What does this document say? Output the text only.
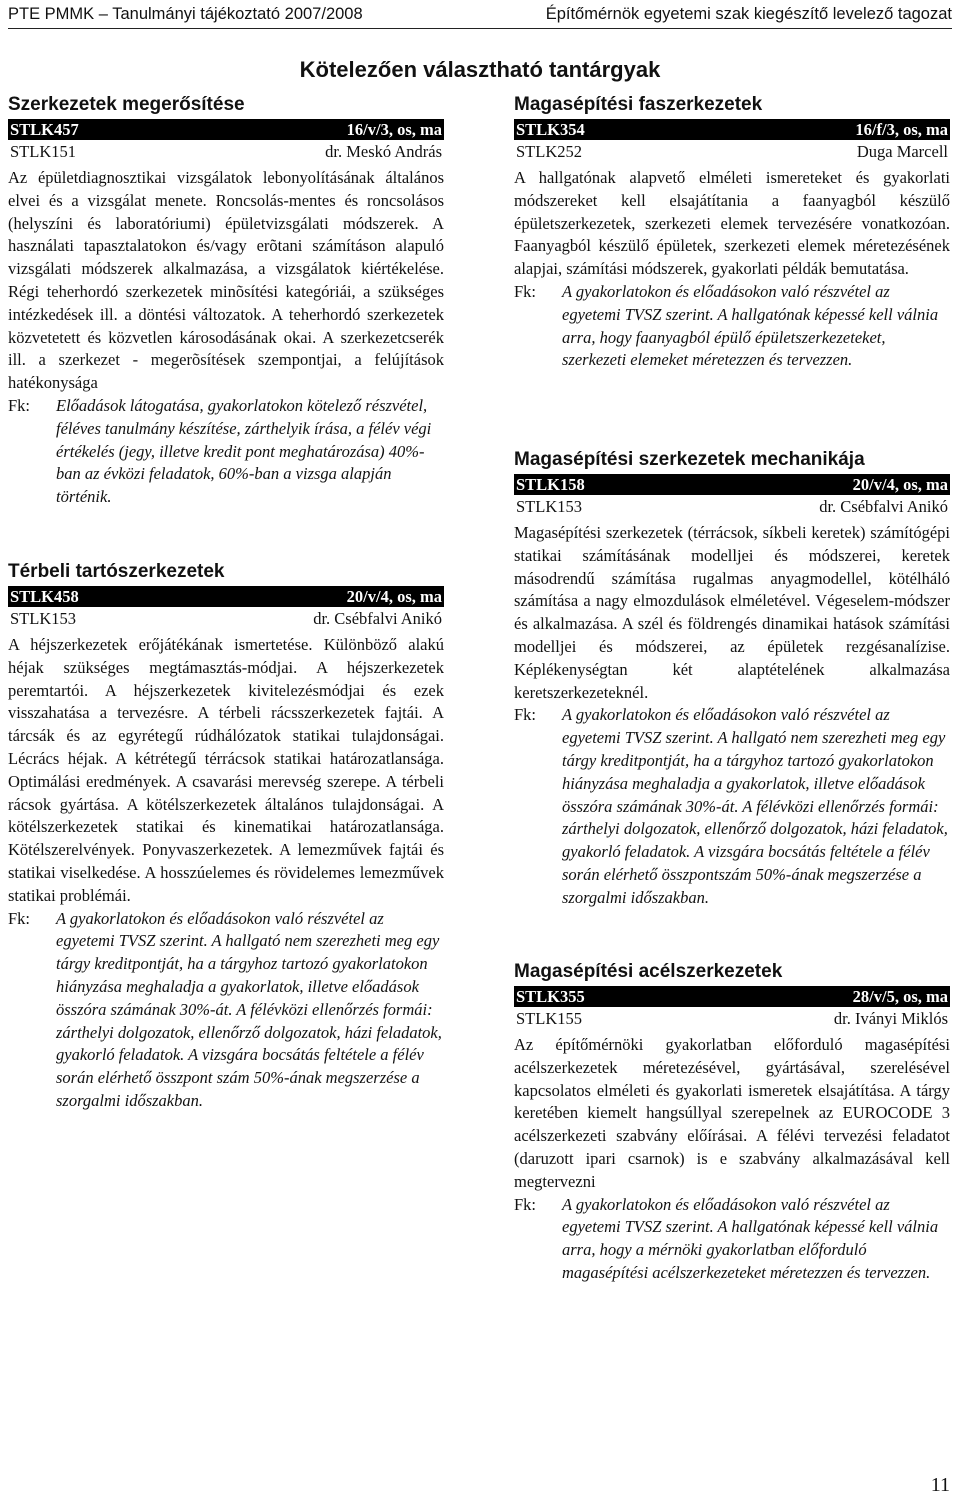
PTE PMMK – Tanulmányi tájékoztató 2007/2008	Építőmérnök egyetemi szak kiegészítő levelező tagozat
Kötelezően választható tantárgyak
Szerkezetek megerősítése
STLK457	16/v/3, os, ma
STLK151	dr. Meskó András
Az épületdiagnosztikai vizsgálatok lebonyolításának általános elvei és a vizsgálat menete. Roncsolás-mentes és roncsolásos (helyszíni és laboratóriumi) épületvizsgálati módszerek. A használati tapasztalatokon és/vagy erõtani számításon alapuló vizsgálati módszerek alkalmazása, a vizsgálatok kiértékelése. Régi teherhordó szerkezetek minõsítési kategóriái, a szükséges intézkedések ill. a döntési változatok. A teherhordó szerkezetek közvetetett és közvetlen károsodásának okai. A szerkezetcserék ill. a szerkezet - megerõsítések szempontjai, a felújítások hatékonysága
Fk:	Előadások látogatása, gyakorlatokon kötelező részvétel, féléves tanulmány készítése, zárthelyik írása, a félév végi értékelés (jegy, illetve kredit pont meghatározása) 40%-ban az évközi feladatok, 60%-ban a vizsga alapján történik.
Térbeli tartószerkezetek
STLK458	20/v/4, os, ma
STLK153	dr. Csébfalvi Anikó
A héjszerkezetek erőjátékának ismertetése. Különböző alakú héjak szükséges megtámasztás-módjai. A héjszerkezetek peremtartói. A héjszerkezetek kivitelezésmódjai és ezek visszahatása a tervezésre. A térbeli rácsszerkezetek fajtái. A tárcsák és az egyrétegű rúdhálózatok statikai tulajdonságai. Lécrács héjak. A kétrétegű térrácsok statikai határozatlansága. Optimálási eredmények. A csavarási merevség szerepe. A térbeli rácsok gyártása. A kötélszerkezetek általános tulajdonságai. A kötélszerkezetek statikai és kinematikai határozatlansága. Kötélszerelvények. Ponyvaszerkezetek. A lemezművek fajtái és statikai viselkedése. A hosszúelemes és rövidelemes lemezművek statikai problémái.
Fk:	A gyakorlatokon és előadásokon való részvétel az egyetemi TVSZ szerint. A hallgató nem szerezheti meg egy tárgy kreditpontját, ha a tárgyhoz tartozó gyakorlatokon hiányzása meghaladja a gyakorlatok, illetve előadások összóra számának 30%-át. A félévközi ellenőrzés formái: zárthelyi dolgozatok, ellenőrző dolgozatok, házi feladatok, gyakorló feladatok. A vizsgára bocsátás feltétele a félév során elérhető összpont szám 50%-ának megszerzése a szorgalmi időszakban.
Magasépítési faszerkezetek
STLK354	16/f/3, os, ma
STLK252	Duga Marcell
A hallgatónak alapvető elméleti ismereteket és gyakorlati módszereket kell elsajátítania a faanyagból készülő épületszerkezetek, szerkezeti elemek tervezésére vonatkozóan. Faanyagból készülő épületek, szerkezeti elemek méretezésének alapjai, számítási módszerek, gyakorlati példák bemutatása.
Fk:	A gyakorlatokon és előadásokon való részvétel az egyetemi TVSZ szerint. A hallgatónak képessé kell válnia arra, hogy faanyagból épülő épületszerkezeteket, szerkezeti elemeket méretezzen és tervezzen.
Magasépítési szerkezetek mechanikája
STLK158	20/v/4, os, ma
STLK153	dr. Csébfalvi Anikó
Magasépítési szerkezetek (térrácsok, síkbeli keretek) számítógépi statikai számításának modelljei és módszerei, keretek másodrendű számítása rugalmas anyagmodellel, kötélháló számítása a nagy elmozdulások elméletével. Végeselem-módszer és alkalmazása. A szél és földrengés dinamikai hatások számítási modelljei és módszerei, az épületek rezgésanalízise. Képlékenységtan két alaptételének alkalmazása keretszerkezeteknél.
Fk:	A gyakorlatokon és előadásokon való részvétel az egyetemi TVSZ szerint. A hallgató nem szerezheti meg egy tárgy kreditpontját, ha a tárgyhoz tartozó gyakorlatokon hiányzása meghaladja a gyakorlatok, illetve előadások összóra számának 30%-át. A félévközi ellenőrzés formái: zárthelyi dolgozatok, ellenőrző dolgozatok, házi feladatok, gyakorló feladatok. A vizsgára bocsátás feltétele a félév során elérhető összpontszám 50%-ának megszerzése a szorgalmi időszakban.
Magasépítési acélszerkezetek
STLK355	28/v/5, os, ma
STLK155	dr. Iványi Miklós
Az építőmérnöki gyakorlatban előforduló magasépítési acélszerkezetek méretezésével, gyártásával, szerelésével kapcsolatos elméleti és gyakorlati ismeretek elsajátítása. A tárgy keretében kiemelt hangsúllyal szerepelnek az EUROCODE 3 acélszerkezeti szabvány előírásai. A félévi tervezési feladatot (daruzott ipari csarnok) is e szabvány alkalmazásával kell megtervezni
Fk:	A gyakorlatokon és előadásokon való részvétel az egyetemi TVSZ szerint. A hallgatónak képessé kell válnia arra, hogy a mérnöki gyakorlatban előforduló magasépítési acélszerkezeteket méretezzen és tervezzen.
11
